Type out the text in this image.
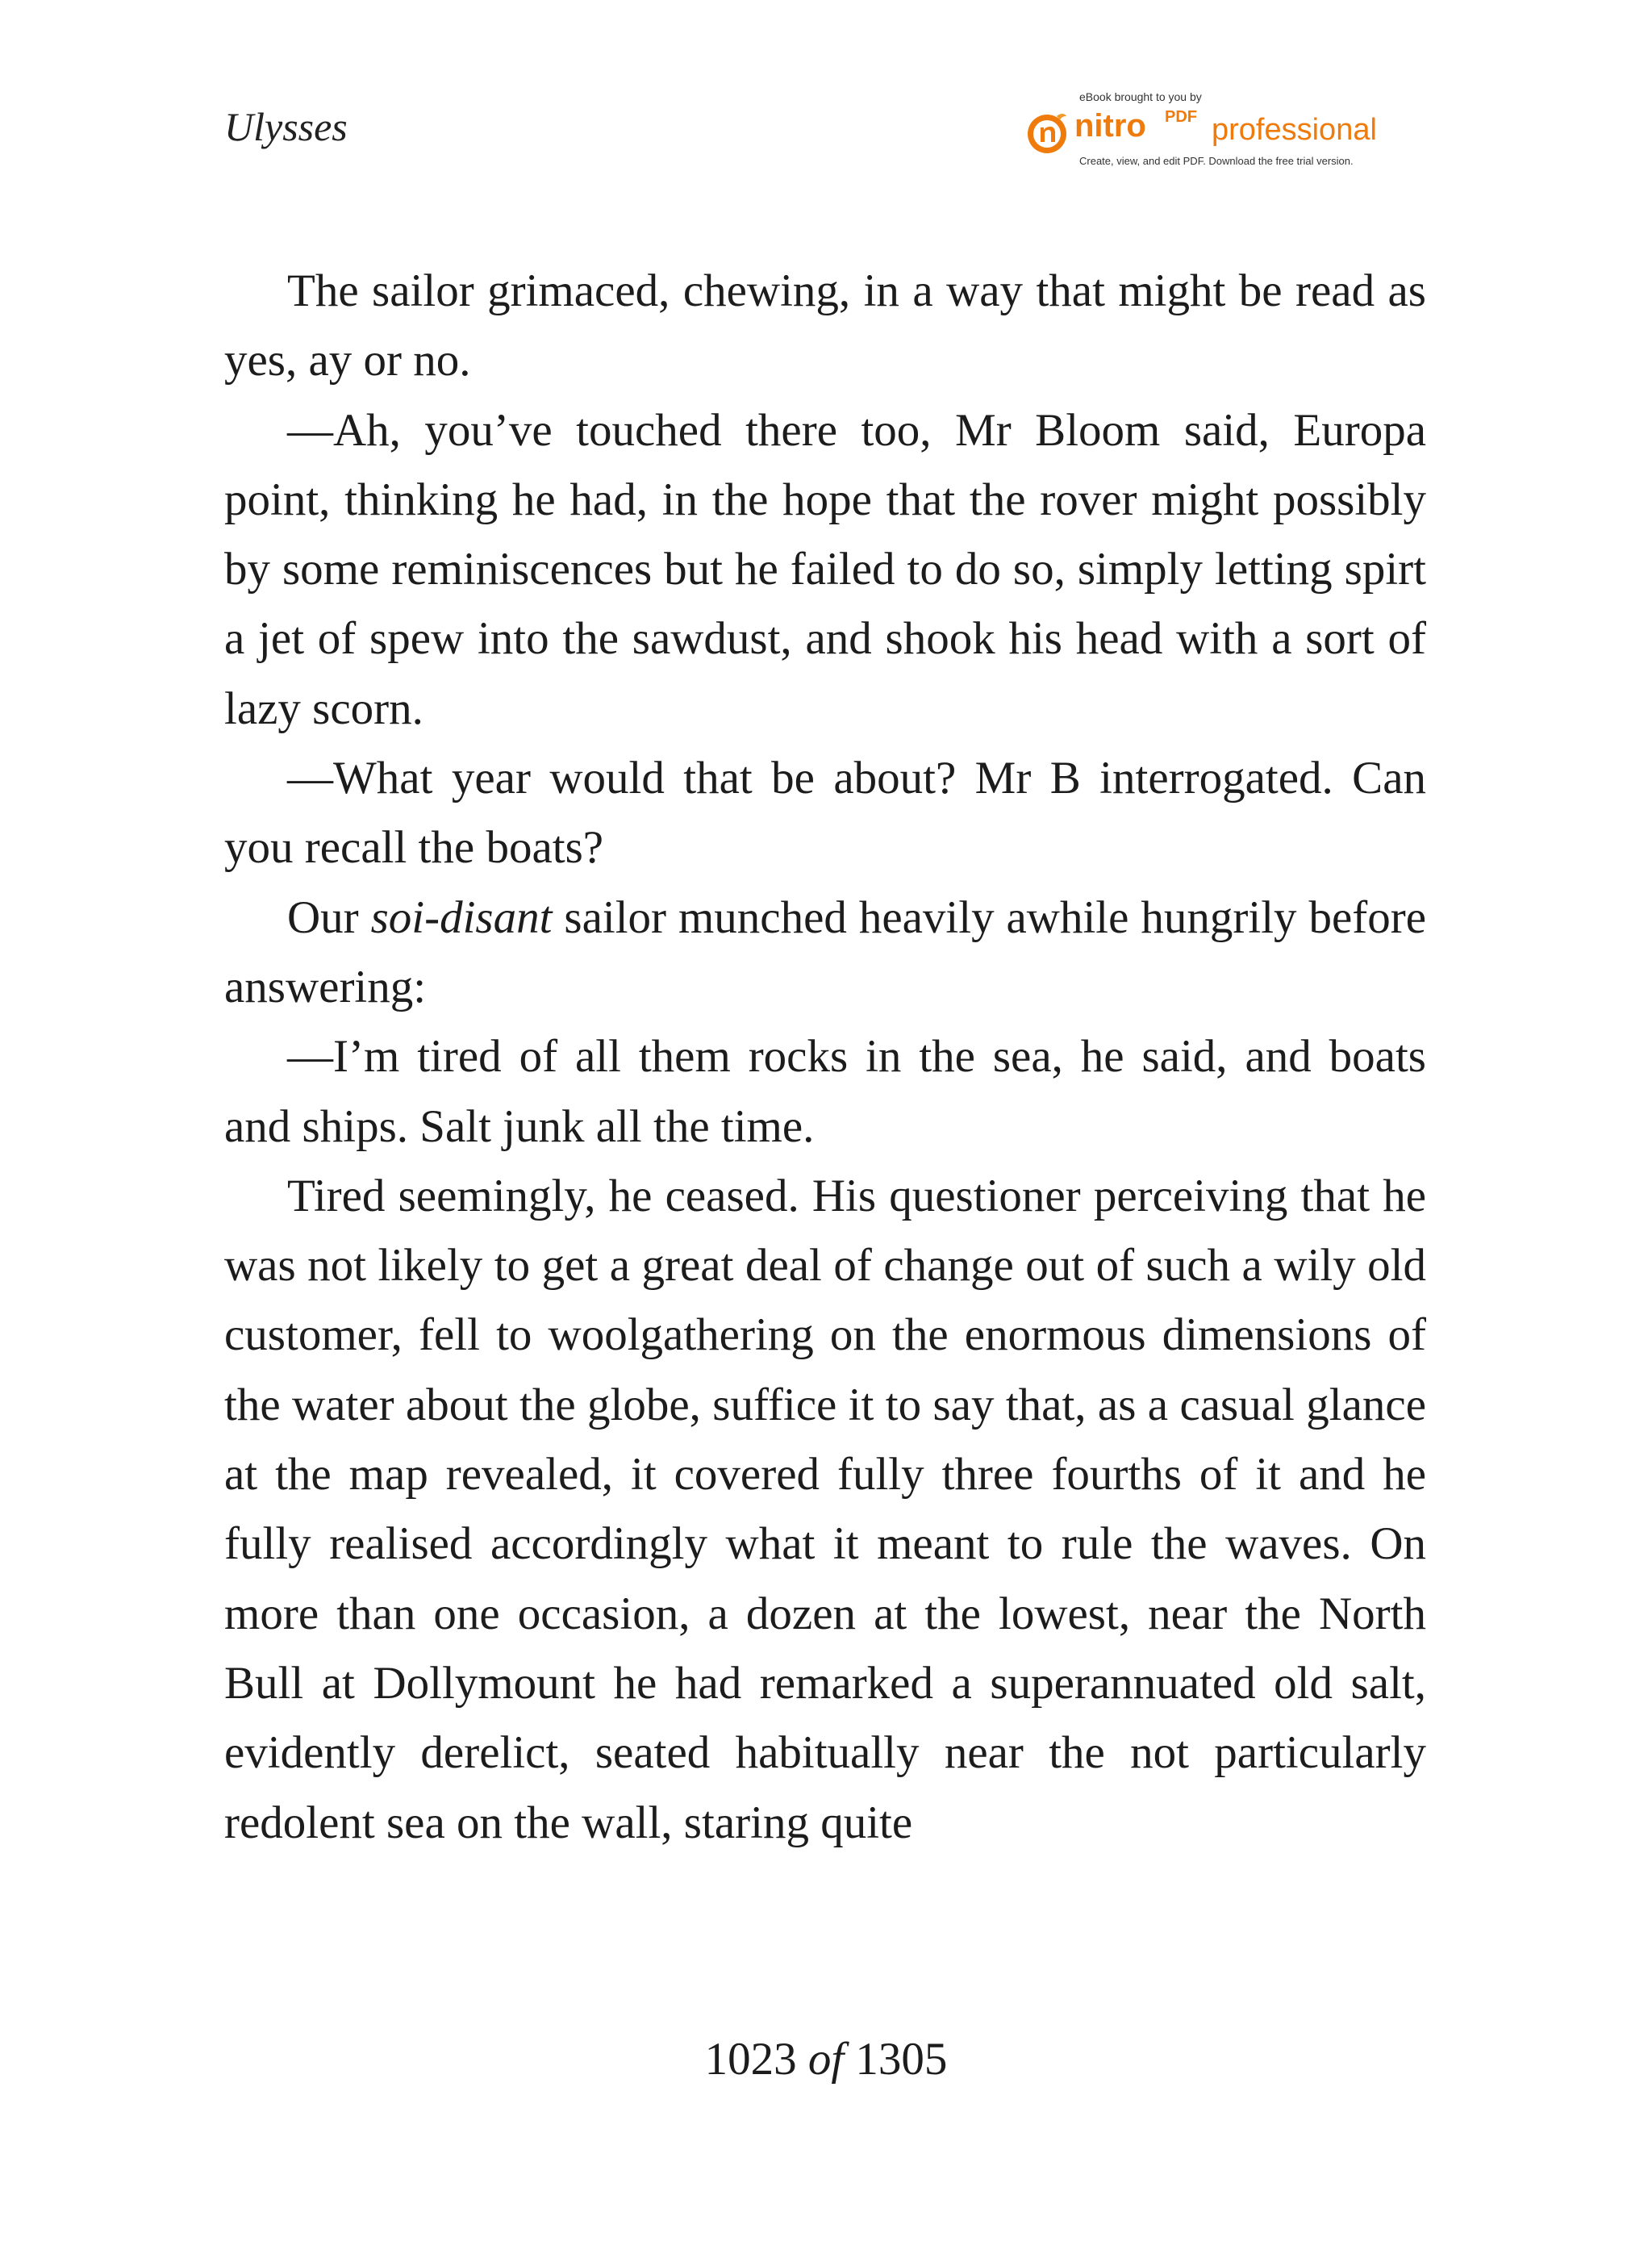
Ulysses
eBook brought to you by
nitro PDF professional
Create, view, and edit PDF. Download the free trial version.

The sailor grimaced, chewing, in a way that might be read as yes, ay or no.

—Ah, you’ve touched there too, Mr Bloom said, Europa point, thinking he had, in the hope that the rover might possibly by some reminiscences but he failed to do so, simply letting spirt a jet of spew into the sawdust, and shook his head with a sort of lazy scorn.

—What year would that be about? Mr B interrogated. Can you recall the boats?

Our soi-disant sailor munched heavily awhile hungrily before answering:

—I’m tired of all them rocks in the sea, he said, and boats and ships. Salt junk all the time.

Tired seemingly, he ceased. His questioner perceiving that he was not likely to get a great deal of change out of such a wily old customer, fell to woolgathering on the enormous dimensions of the water about the globe, suffice it to say that, as a casual glance at the map revealed, it covered fully three fourths of it and he fully realised accordingly what it meant to rule the waves. On more than one occasion, a dozen at the lowest, near the North Bull at Dollymount he had remarked a superannuated old salt, evidently derelict, seated habitually near the not particularly redolent sea on the wall, staring quite

1023 of 1305
